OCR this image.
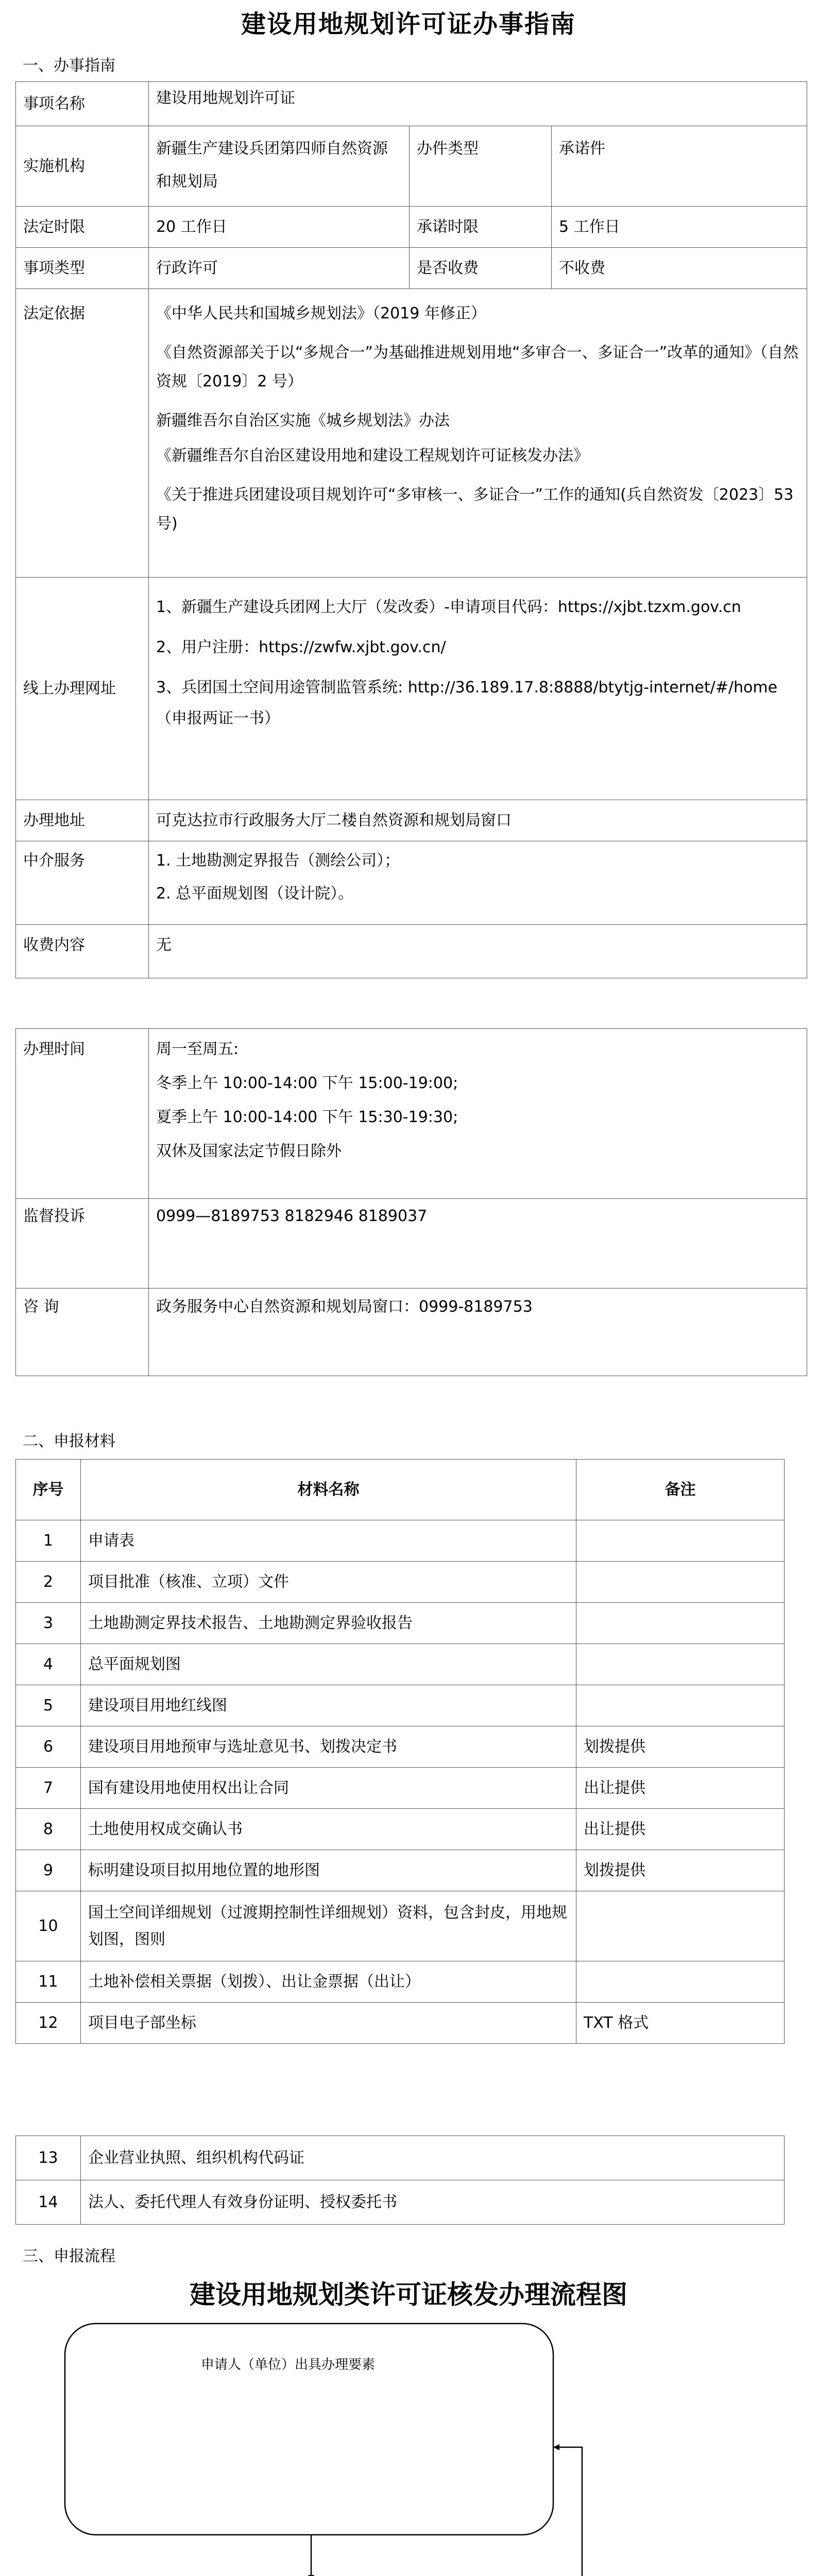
建设用地规划许可证办事指南
一、办事指南
事项名称	建设用地规划许可证		
实施机构	新疆生产建设兵团第四师自然资源和规划局	办件类型	承诺件
法定时限	20 工作日	承诺时限	5 工作日
事项类型	行政许可	是否收费	不收费
法定依据	《中华人民共和国城乡规划法》（2019 年修正）
《自然资源部关于以“多规合一”为基础推进规划用地“多审合一、多证合一”改革的通知》（自然资规〔2019〕2 号）
新疆维吾尔自治区实施《城乡规划法》办法
《新疆维吾尔自治区建设用地和建设工程规划许可证核发办法》
《关于推进兵团建设项目规划许可“多审核一、多证合一”工作的通知(兵自然资发〔2023〕53 号)		

线上办理网址	1、新疆生产建设兵团网上大厅（发改委）-申请项目代码：https://xjbt.tzxm.gov.cn
2、用户注册：https://zwfw.xjbt.gov.cn/
3、兵团国土空间用途管制监管系统: http://36.189.17.8:8888/btytjg-internet/#/home（申报两证一书）		

办理地址	可克达拉市行政服务大厅二楼自然资源和规划局窗口		
中介服务	1. 土地勘测定界报告（测绘公司）；
2. 总平面规划图（设计院）。		

收费内容	无		
办理时间	周一至周五:
冬季上午 10:00-14:00 下午 15:00-19:00;
夏季上午 10:00-14:00 下午 15:30-19:30;
双休及国家法定节假日除外

监督投诉	0999—8189753 8182946 8189037
咨 询	政务服务中心自然资源和规划局窗口：0999-8189753
二、申报材料
序号	材料名称	备注
1	申请表	
2	项目批准（核准、立项）文件	
3	土地勘测定界技术报告、土地勘测定界验收报告	
4	总平面规划图	
5	建设项目用地红线图	
6	建设项目用地预审与选址意见书、划拨决定书	划拨提供
7	国有建设用地使用权出让合同	出让提供
8	土地使用权成交确认书	出让提供
9	标明建设项目拟用地位置的地形图	划拨提供
10	国土空间详细规划（过渡期控制性详细规划）资料，包含封皮，用地规划图，图则	
11	土地补偿相关票据（划拨）、出让金票据（出让）	
12	项目电子部坐标	TXT 格式
13	企业营业执照、组织机构代码证
14	法人、委托代理人有效身份证明、授权委托书
三、申报流程
建设用地规划类许可证核发办理流程图
申请人（单位）出具办理要素
